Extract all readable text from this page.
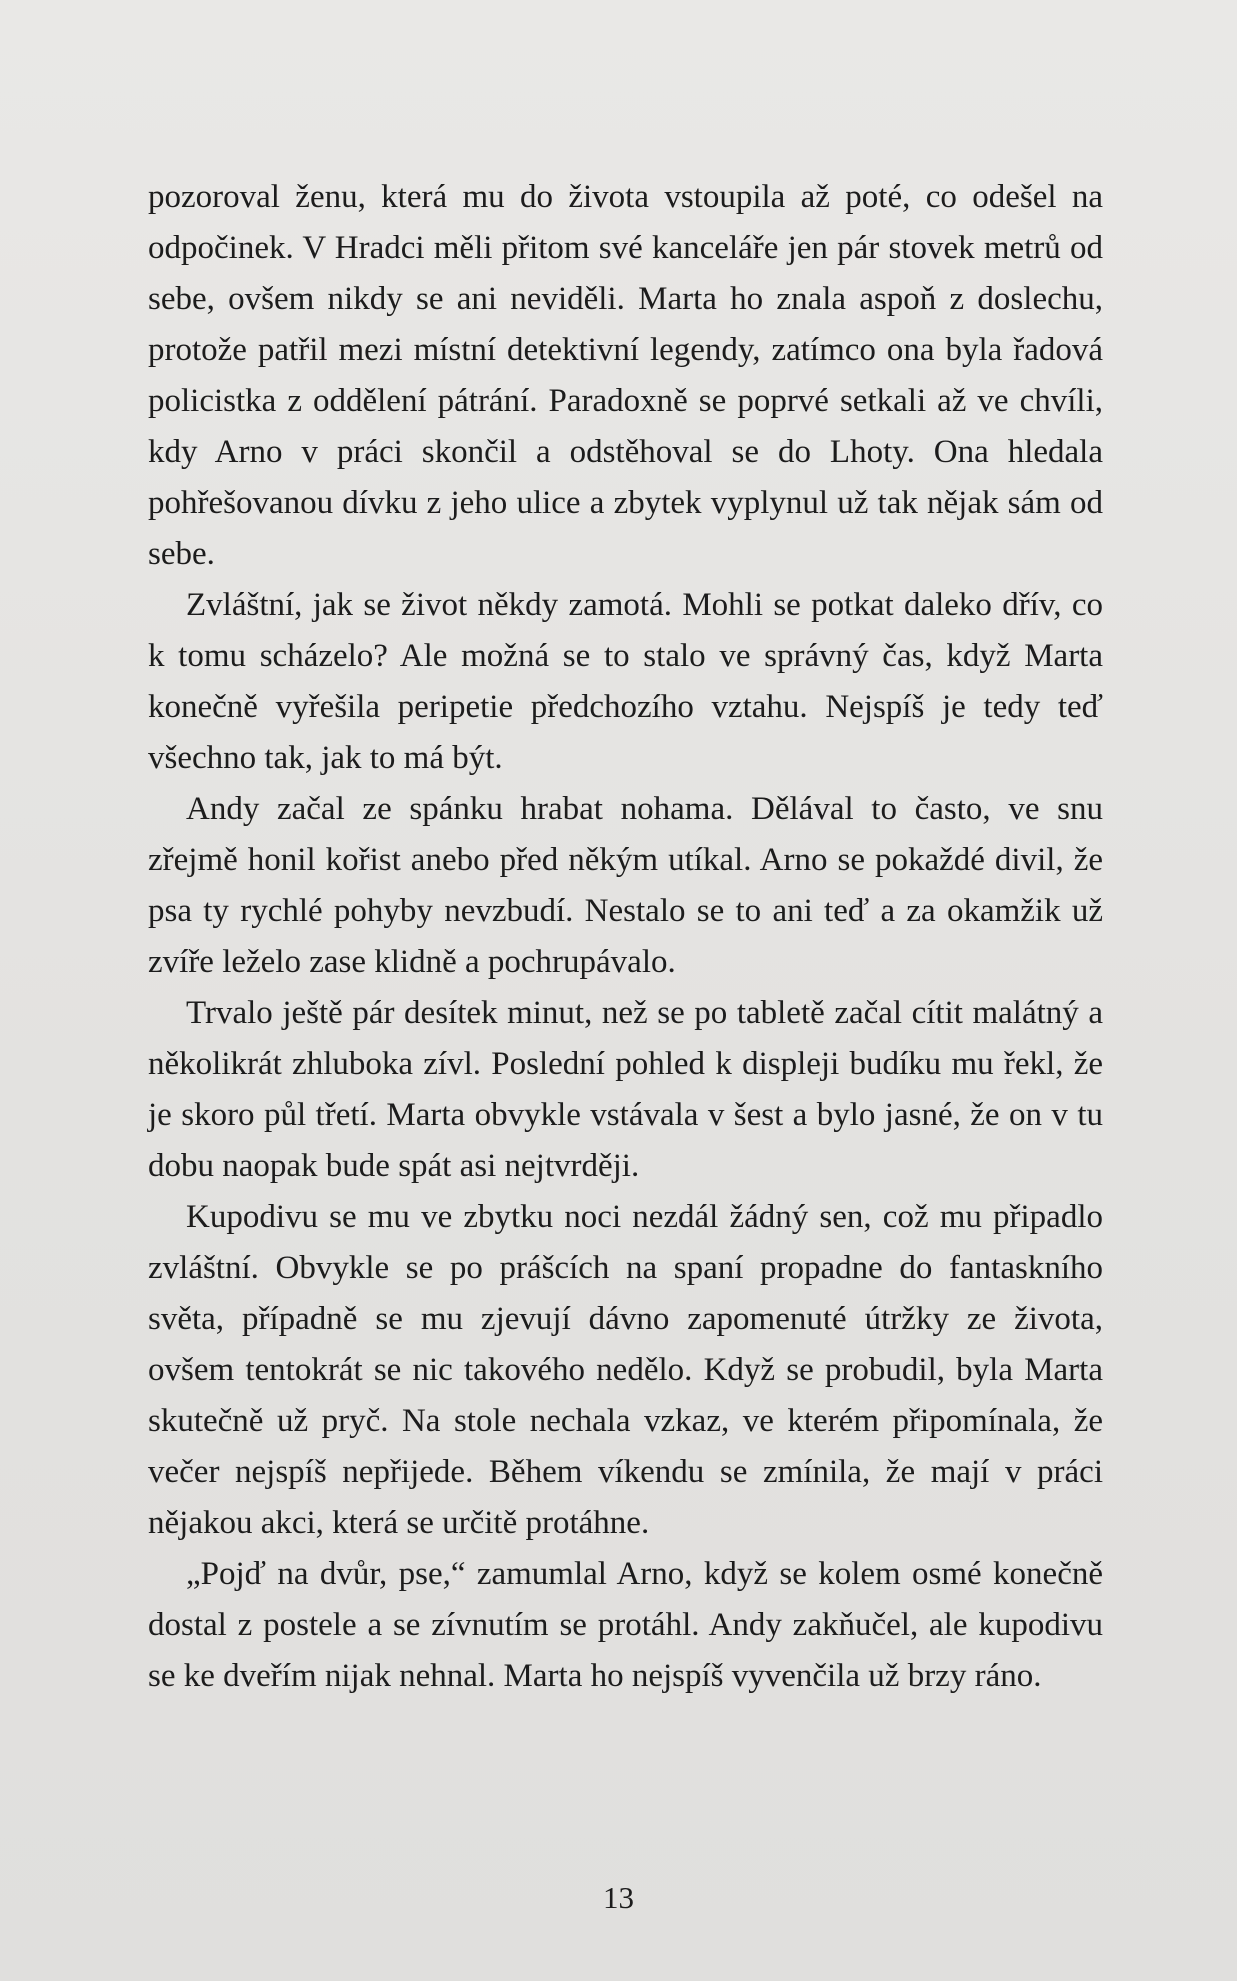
pozoroval ženu, která mu do života vstoupila až poté, co odešel na odpočinek. V Hradci měli přitom své kanceláře jen pár stovek metrů od sebe, ovšem nikdy se ani neviděli. Marta ho znala aspoň z doslechu, protože patřil mezi místní detektivní legendy, zatímco ona byla řadová policistka z oddělení pátrání. Paradoxně se poprvé setkali až ve chvíli, kdy Arno v práci skončil a odstěhoval se do Lhoty. Ona hledala pohřešovanou dívku z jeho ulice a zbytek vyplynul už tak nějak sám od sebe.

Zvláštní, jak se život někdy zamotá. Mohli se potkat daleko dřív, co k tomu scházelo? Ale možná se to stalo ve správný čas, když Marta konečně vyřešila peripetie předchozího vztahu. Nejspíš je tedy teď všechno tak, jak to má být.

Andy začal ze spánku hrabat nohama. Dělával to často, ve snu zřejmě honil kořist anebo před někým utíkal. Arno se pokaždé divil, že psa ty rychlé pohyby nevzbudí. Nestalo se to ani teď a za okamžik už zvíře leželo zase klidně a pochrupávalo.

Trvalo ještě pár desítek minut, než se po tabletě začal cítit malátný a několikrát zhluboka zívl. Poslední pohled k displeji budíku mu řekl, že je skoro půl třetí. Marta obvykle vstávala v šest a bylo jasné, že on v tu dobu naopak bude spát asi nejtvrději.

Kupodivu se mu ve zbytku noci nezdál žádný sen, což mu připadlo zvláštní. Obvykle se po prášcích na spaní propadne do fantaskního světa, případně se mu zjevují dávno zapomenuté útržky ze života, ovšem tentokrát se nic takového nedělo. Když se probudil, byla Marta skutečně už pryč. Na stole nechala vzkaz, ve kterém připomínala, že večer nejspíš nepřijede. Během víkendu se zmínila, že mají v práci nějakou akci, která se určitě protáhne.

„Pojď na dvůr, pse,“ zamumlal Arno, když se kolem osmé konečně dostal z postele a se zívnutím se protáhl. Andy zakňučel, ale kupodivu se ke dveřím nijak nehnal. Marta ho nejspíš vyvenčila už brzy ráno.

13
